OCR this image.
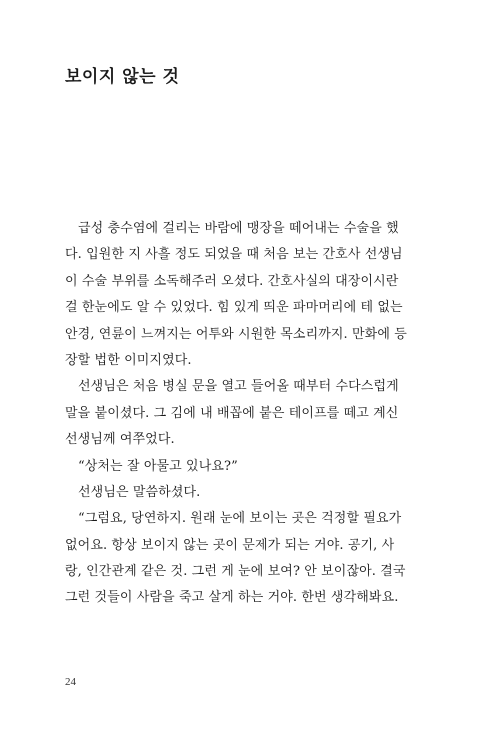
보이지 않는 것
급성 충수염에 걸리는 바람에 맹장을 떼어내는 수술을 했
다. 입원한 지 사흘 정도 되었을 때 처음 보는 간호사 선생님
이 수술 부위를 소독해주러 오셨다. 간호사실의 대장이시란
걸 한눈에도 알 수 있었다. 힘 있게 띄운 파마머리에 테 없는
안경, 연륜이 느껴지는 어투와 시원한 목소리까지. 만화에 등
장할 법한 이미지였다.
선생님은 처음 병실 문을 열고 들어올 때부터 수다스럽게
말을 붙이셨다. 그 김에 내 배꼽에 붙은 테이프를 떼고 계신
선생님께 여쭈었다.
“상처는 잘 아물고 있나요?”
선생님은 말씀하셨다.
“그럼요, 당연하지. 원래 눈에 보이는 곳은 걱정할 필요가
없어요. 항상 보이지 않는 곳이 문제가 되는 거야. 공기, 사
랑, 인간관계 같은 것. 그런 게 눈에 보여? 안 보이잖아. 결국
그런 것들이 사람을 죽고 살게 하는 거야. 한번 생각해봐요.
24
